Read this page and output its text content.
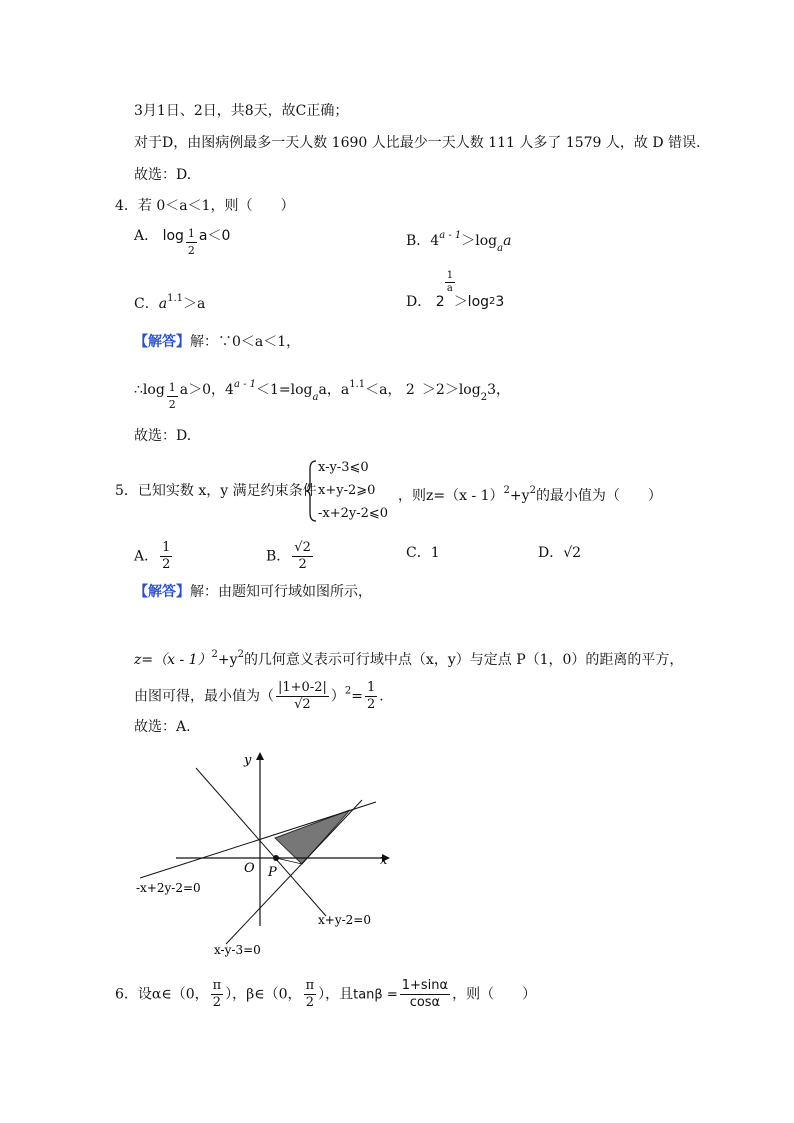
3月1日、2日，共8天，故C正确；
对于D，由图病例最多一天人数 1690 人比最少一天人数 111 人多了 1579 人，故 D 错误.
故选：D.
4．若 0＜a＜1，则（　　）
A． $\log \frac{1}{2} a<0$	B．$4^{a - 1}>\log_aa$
C．$a^{1.1}>a$	D． 2
$\frac{1}{a}$
$>\log_23$
【解答】解：∵0＜a＜1，
∴log $\frac{1}{2} a>0$，$4^{a - 1}<1=\log_aa$，$a^{1.1}<a$， $2 >2>\log_23$，
故选：D.
5．已知实数 x，y 满足约束条件
x-y-3⩽0
x+y-2⩾0
-x+2y-2⩽0
，则$z=(x - 1)^2+y^2$的最小值为（　　）
A． $\frac{1}{2}$	B． $\frac{√2}{2}$	C．1	D．√2
【解答】解：由题知可行域如图所示，
$z=(x - 1)^2+y^2$的几何意义表示可行域中点（x，y）与定点 P（1，0）的距离的平方，
由图可得，最小值为（ $\frac{|1+0-2|}{√2} )^2= \frac{1}{2}$ .
故选：A.
y
x
O P
-x+2y-2=0
x+y-2=0
x-y-3=0
6．设α∈（0， $\frac{\pi}{2}$ ），β∈（0， $\frac{\pi}{2}$ ），且$\tan\beta = \frac{1+\sin\alpha}{\cos\alpha}$ ，则（　　）
